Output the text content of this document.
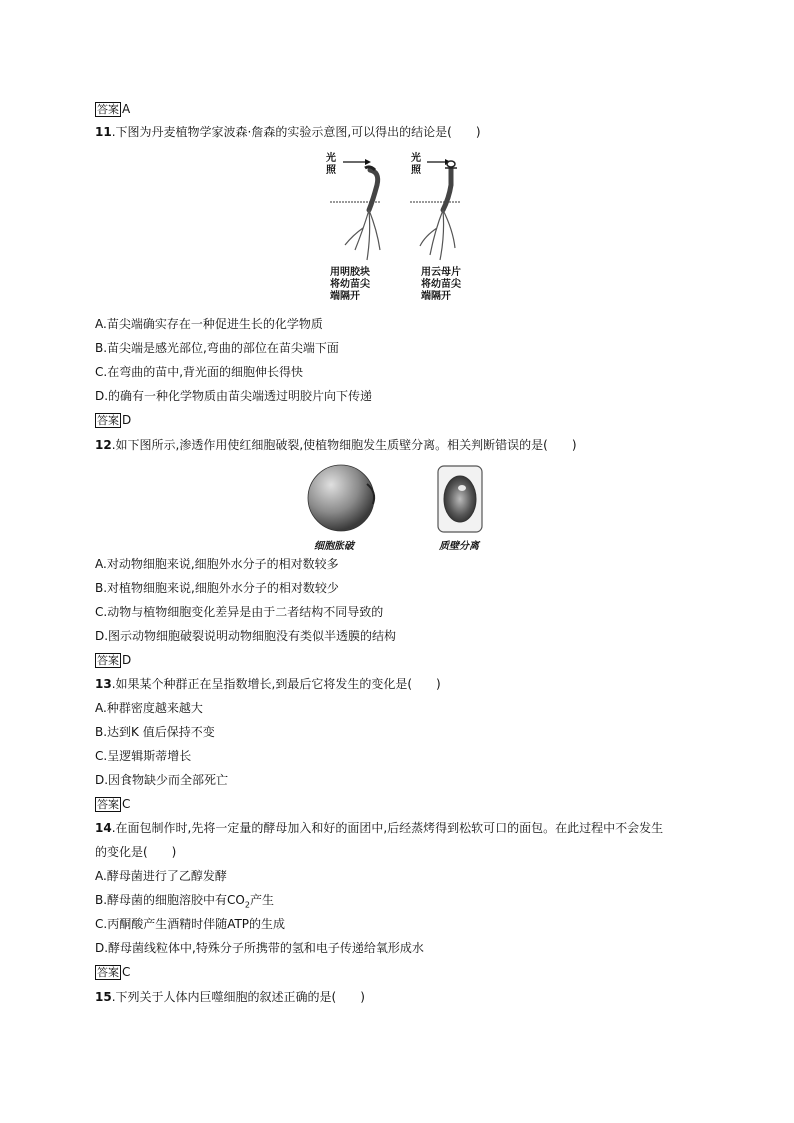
答案 A
11.下图为丹麦植物学家波森·詹森的实验示意图,可以得出的结论是(　　)
光
照
光
照
用明胶块
将幼苗尖
端隔开
用云母片
将幼苗尖
端隔开
A.苗尖端确实存在一种促进生长的化学物质
B.苗尖端是感光部位,弯曲的部位在苗尖端下面
C.在弯曲的苗中,背光面的细胞伸长得快
D.的确有一种化学物质由苗尖端透过明胶片向下传递
答案 D
12.如下图所示,渗透作用使红细胞破裂,使植物细胞发生质壁分离。相关判断错误的是(　　)
细胞胀破	质壁分离
A.对动物细胞来说,细胞外水分子的相对数较多
B.对植物细胞来说,细胞外水分子的相对数较少
C.动物与植物细胞变化差异是由于二者结构不同导致的
D.图示动物细胞破裂说明动物细胞没有类似半透膜的结构
答案 D
13.如果某个种群正在呈指数增长,到最后它将发生的变化是(　　)
A.种群密度越来越大
B.达到K 值后保持不变
C.呈逻辑斯蒂增长
D.因食物缺少而全部死亡
答案 C
14.在面包制作时,先将一定量的酵母加入和好的面团中,后经蒸烤得到松软可口的面包。在此过程中不会发生
的变化是(　　)
A.酵母菌进行了乙醇发酵
B.酵母菌的细胞溶胶中有$CO_2$产生
C.丙酮酸产生酒精时伴随ATP的生成
D.酵母菌线粒体中,特殊分子所携带的氢和电子传递给氧形成水
答案 C
15.下列关于人体内巨噬细胞的叙述正确的是(　　)
